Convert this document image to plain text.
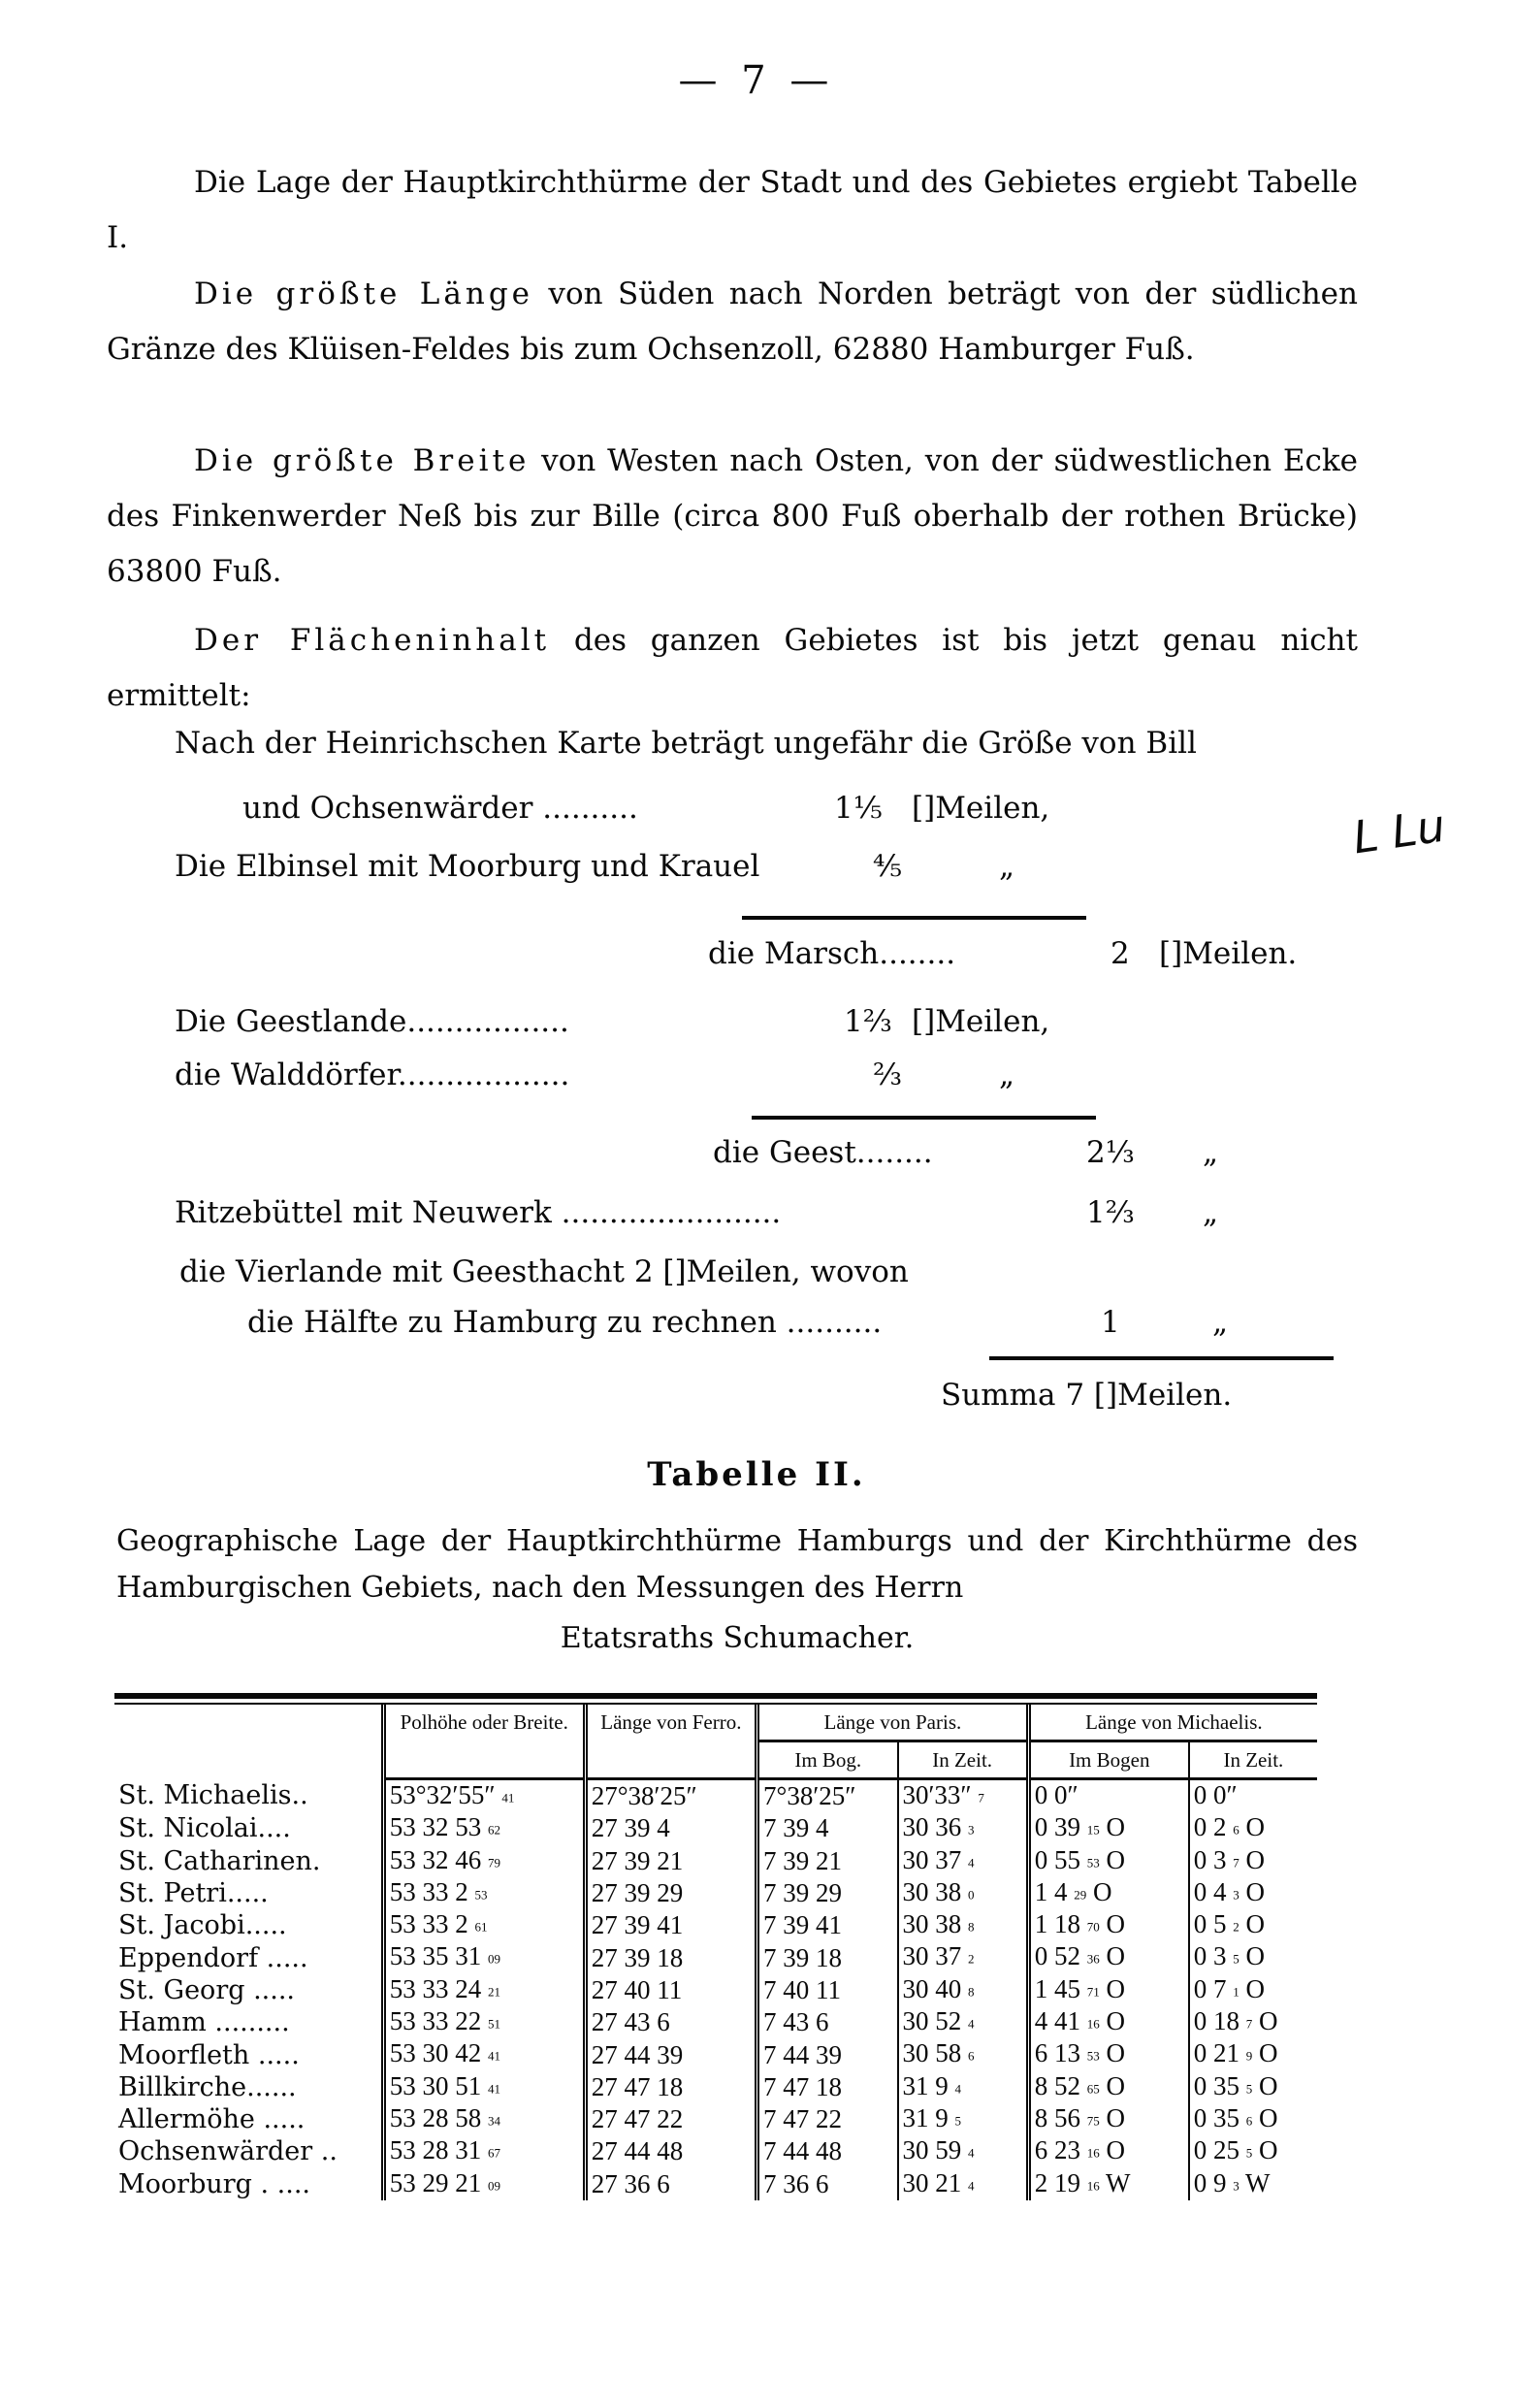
— 7 —
Die Lage der Hauptkirchthürme der Stadt und des Gebietes ergiebt Tabelle I.
Die größte Länge von Süden nach Norden beträgt von der südlichen Gränze des Klüisen-Feldes bis zum Ochsenzoll, 62880 Hamburger Fuß.
Die größte Breite von Westen nach Osten, von der südwestlichen Ecke des Finkenwerder Neß bis zur Bille (circa 800 Fuß oberhalb der rothen Brücke) 63800 Fuß.
Der Flächeninhalt des ganzen Gebietes ist bis jetzt genau nicht ermittelt:
Nach der Heinrichschen Karte beträgt ungefähr die Größe von Bill
und Ochsenwärder ..........	1⅕ []Meilen,
Die Elbinsel mit Moorburg und Krauel	⅘	„
die Marsch........	2 []Meilen.
Die Geestlande.................	1⅔ []Meilen,
die Walddörfer..................	⅔	„
die Geest........	2⅓ „
Ritzebüttel mit Neuwerk .......................	1⅔ „
die Vierlande mit Geesthacht 2 []Meilen, wovon
die Hälfte zu Hamburg zu rechnen ..........	1	„
Summa 7 []Meilen.
L Lu
Tabelle II.
Geographische Lage der Hauptkirchthürme Hamburgs und der Kirchthürme des Hamburgischen Gebiets, nach den Messungen des Herrn
Etatsraths Schumacher.
	Polhöhe oder Breite.	Länge von Ferro.	Länge von Paris.		Länge von Michaelis.	
			Im Bog.	In Zeit.	Im Bogen	In Zeit.
St. Michaelis..	53°32′55″ 41	27°38′25″	7°38′25″	30′33″ 7	0 0″	0 0″
St. Nicolai....	53 32 53 62	27 39 4	7 39 4	30 36 3	0 39 15 O	0 2 6 O
St. Catharinen.	53 32 46 79	27 39 21	7 39 21	30 37 4	0 55 53 O	0 3 7 O
St. Petri.....	53 33 2 53	27 39 29	7 39 29	30 38 0	1 4 29 O	0 4 3 O
St. Jacobi.....	53 33 2 61	27 39 41	7 39 41	30 38 8	1 18 70 O	0 5 2 O
Eppendorf .....	53 35 31 09	27 39 18	7 39 18	30 37 2	0 52 36 O	0 3 5 O
St. Georg .....	53 33 24 21	27 40 11	7 40 11	30 40 8	1 45 71 O	0 7 1 O
Hamm .........	53 33 22 51	27 43 6	7 43 6	30 52 4	4 41 16 O	0 18 7 O
Moorfleth .....	53 30 42 41	27 44 39	7 44 39	30 58 6	6 13 53 O	0 21 9 O
Billkirche......	53 30 51 41	27 47 18	7 47 18	31 9 4	8 52 65 O	0 35 5 O
Allermöhe .....	53 28 58 34	27 47 22	7 47 22	31 9 5	8 56 75 O	0 35 6 O
Ochsenwärder ..	53 28 31 67	27 44 48	7 44 48	30 59 4	6 23 16 O	0 25 5 O
Moorburg . ....	53 29 21 09	27 36 6	7 36 6	30 21 4	2 19 16 W	0 9 3 W
